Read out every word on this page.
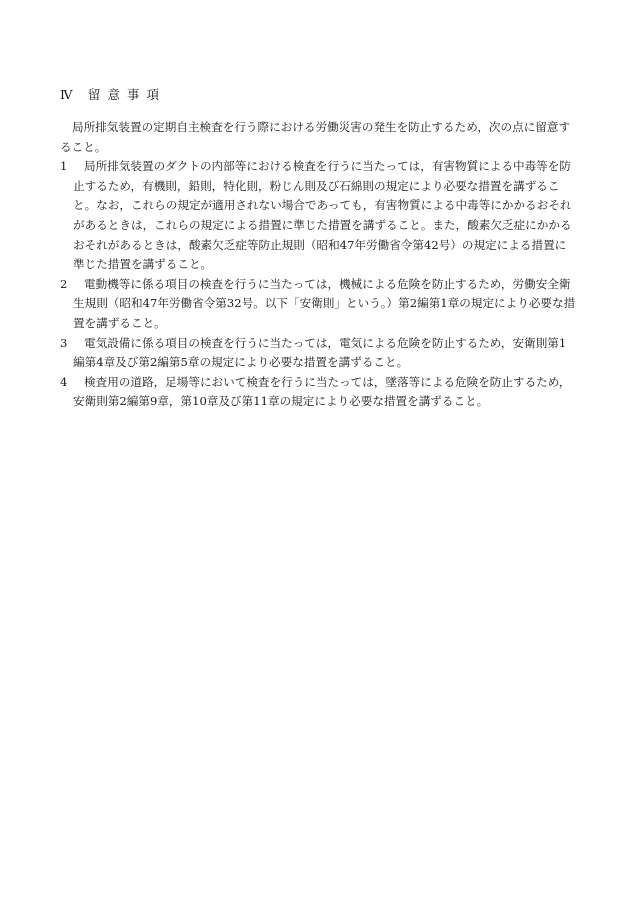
Ⅳ 留意事項

局所排気装置の定期自主検査を行う際における労働災害の発生を防止するため，次の点に留意すること。

1	局所排気装置のダクトの内部等における検査を行うに当たっては，有害物質による中毒等を防止するため，有機則，鉛則，特化則，粉じん則及び石綿則の規定により必要な措置を講ずること。なお，これらの規定が適用されない場合であっても，有害物質による中毒等にかかるおそれがあるときは，これらの規定による措置に準じた措置を講ずること。また，酸素欠乏症にかかるおそれがあるときは，酸素欠乏症等防止規則（昭和47年労働省令第42号）の規定による措置に準じた措置を講ずること。
2	電動機等に係る項目の検査を行うに当たっては，機械による危険を防止するため，労働安全衛生規則（昭和47年労働省令第32号。以下「安衛則」という。）第2編第1章の規定により必要な措置を講ずること。
3	電気設備に係る項目の検査を行うに当たっては，電気による危険を防止するため，安衛則第1編第4章及び第2編第5章の規定により必要な措置を講ずること。
4	検査用の道路，足場等において検査を行うに当たっては，墜落等による危険を防止するため，安衛則第2編第9章，第10章及び第11章の規定により必要な措置を講ずること。
